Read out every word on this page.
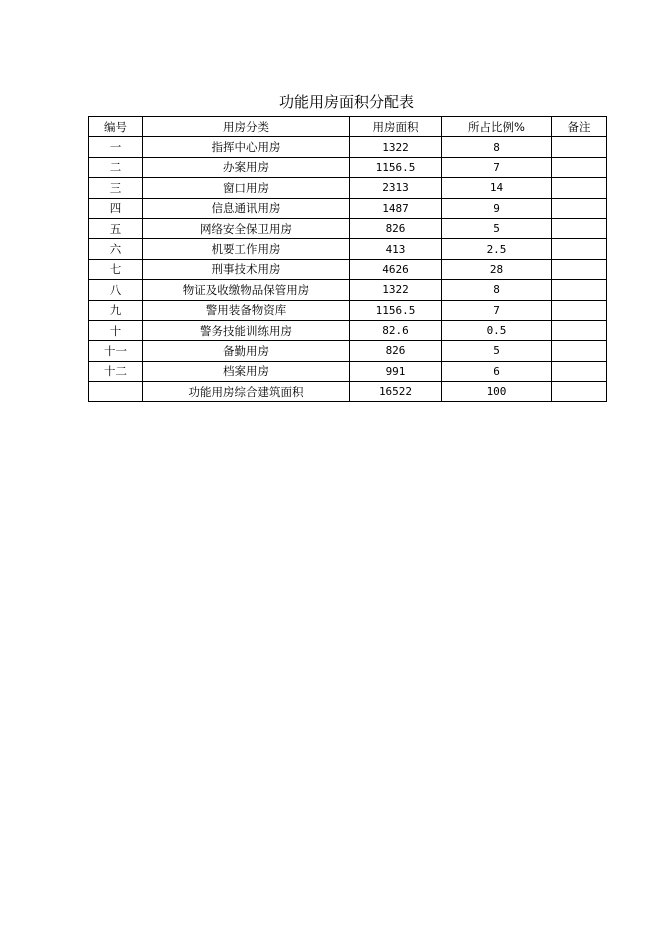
功能用房面积分配表
编号	用房分类	用房面积	所占比例%	备注
一	指挥中心用房	1322	8	
二	办案用房	1156.5	7	
三	窗口用房	2313	14	
四	信息通讯用房	1487	9	
五	网络安全保卫用房	826	5	
六	机要工作用房	413	2.5	
七	刑事技术用房	4626	28	
八	物证及收缴物品保管用房	1322	8	
九	警用装备物资库	1156.5	7	
十	警务技能训练用房	82.6	0.5	
十一	备勤用房	826	5	
十二	档案用房	991	6	
	功能用房综合建筑面积	16522	100	
